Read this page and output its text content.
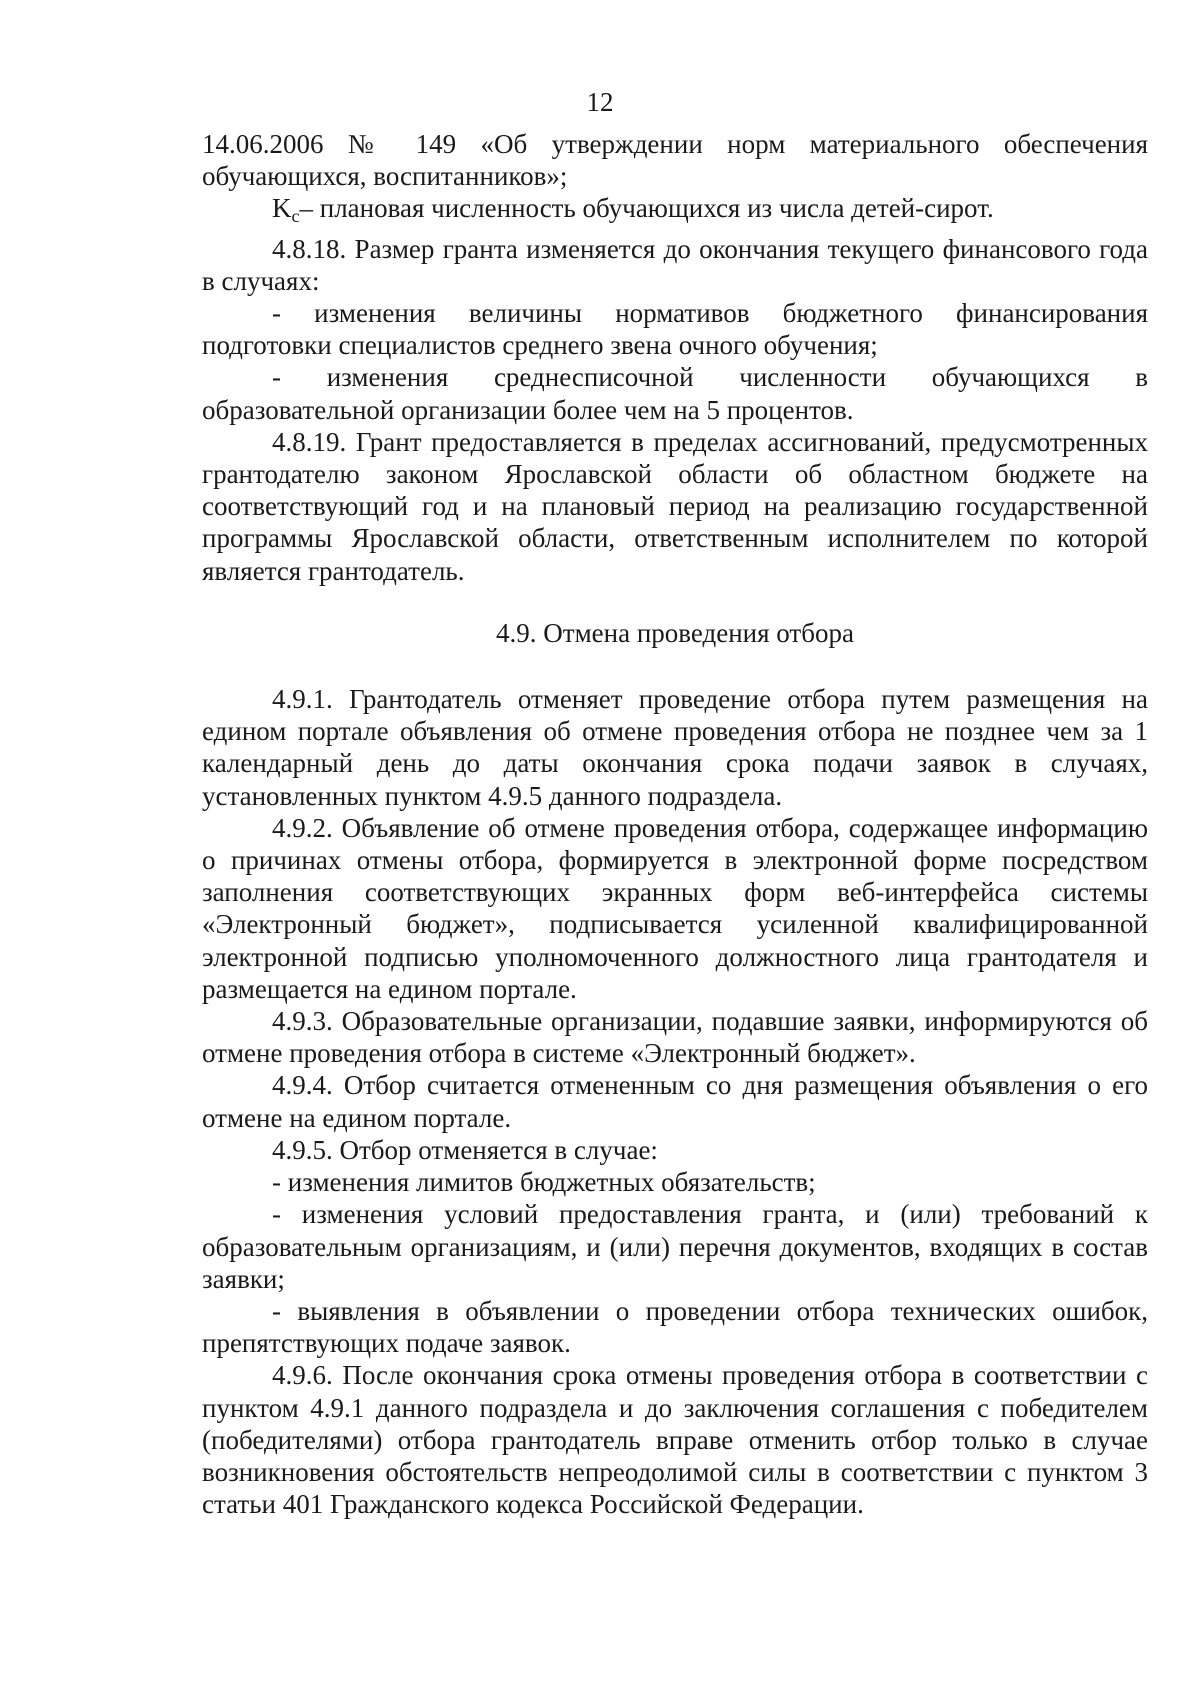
12

14.06.2006 № 149 «Об утверждении норм материального обеспечения обучающихся, воспитанников»;

Kc– плановая численность обучающихся из числа детей-сирот.

4.8.18. Размер гранта изменяется до окончания текущего финансового года в случаях:

- изменения величины нормативов бюджетного финансирования подготовки специалистов среднего звена очного обучения;

- изменения среднесписочной численности обучающихся в образовательной организации более чем на 5 процентов.

4.8.19. Грант предоставляется в пределах ассигнований, предусмотренных грантодателю законом Ярославской области об областном бюджете на соответствующий год и на плановый период на реализацию государственной программы Ярославской области, ответственным исполнителем по которой является грантодатель.

4.9. Отмена проведения отбора

4.9.1. Грантодатель отменяет проведение отбора путем размещения на едином портале объявления об отмене проведения отбора не позднее чем за 1 календарный день до даты окончания срока подачи заявок в случаях, установленных пунктом 4.9.5 данного подраздела.

4.9.2. Объявление об отмене проведения отбора, содержащее информацию о причинах отмены отбора, формируется в электронной форме посредством заполнения соответствующих экранных форм веб-интерфейса системы «Электронный бюджет», подписывается усиленной квалифицированной электронной подписью уполномоченного должностного лица грантодателя и размещается на едином портале.

4.9.3. Образовательные организации, подавшие заявки, информируются об отмене проведения отбора в системе «Электронный бюджет».

4.9.4. Отбор считается отмененным со дня размещения объявления о его отмене на едином портале.

4.9.5. Отбор отменяется в случае:

- изменения лимитов бюджетных обязательств;

- изменения условий предоставления гранта, и (или) требований к образовательным организациям, и (или) перечня документов, входящих в состав заявки;

- выявления в объявлении о проведении отбора технических ошибок, препятствующих подаче заявок.

4.9.6. После окончания срока отмены проведения отбора в соответствии с пунктом 4.9.1 данного подраздела и до заключения соглашения с победителем (победителями) отбора грантодатель вправе отменить отбор только в случае возникновения обстоятельств непреодолимой силы в соответствии с пунктом 3 статьи 401 Гражданского кодекса Российской Федерации.
